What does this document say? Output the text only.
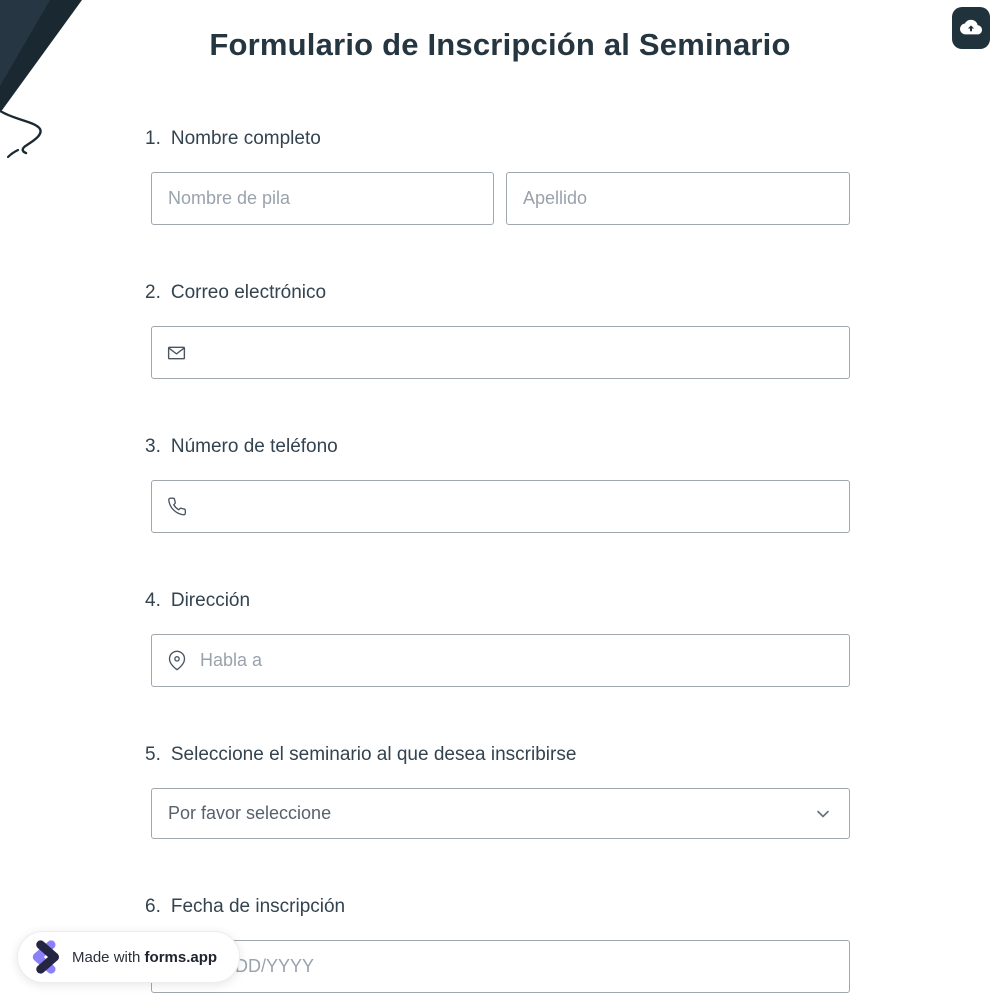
Formulario de Inscripción al Seminario
1. Nombre completo
Nombre de pila
Apellido
2. Correo electrónico
3. Número de teléfono
4. Dirección
Habla a
5. Seleccione el seminario al que desea inscribirse
Por favor seleccione
6. Fecha de inscripción
MM/DD/YYYY
Made with forms.app
